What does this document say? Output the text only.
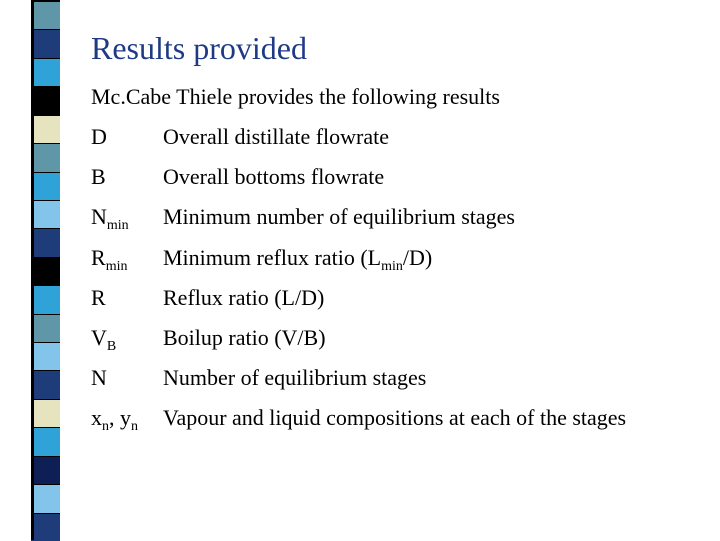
Results provided
Mc.Cabe Thiele provides the following results
D	Overall distillate flowrate
B	Overall bottoms flowrate
$N_{min}$ Minimum number of equilibrium stages
$R_{min}$ Minimum reflux ratio $(L_{min}/D)$
R	Reflux ratio (L/D)
$V_B$ Boilup ratio (V/B)
N	Number of equilibrium stages
$x_n$, $y_n$ Vapour and liquid compositions at each of the stages
